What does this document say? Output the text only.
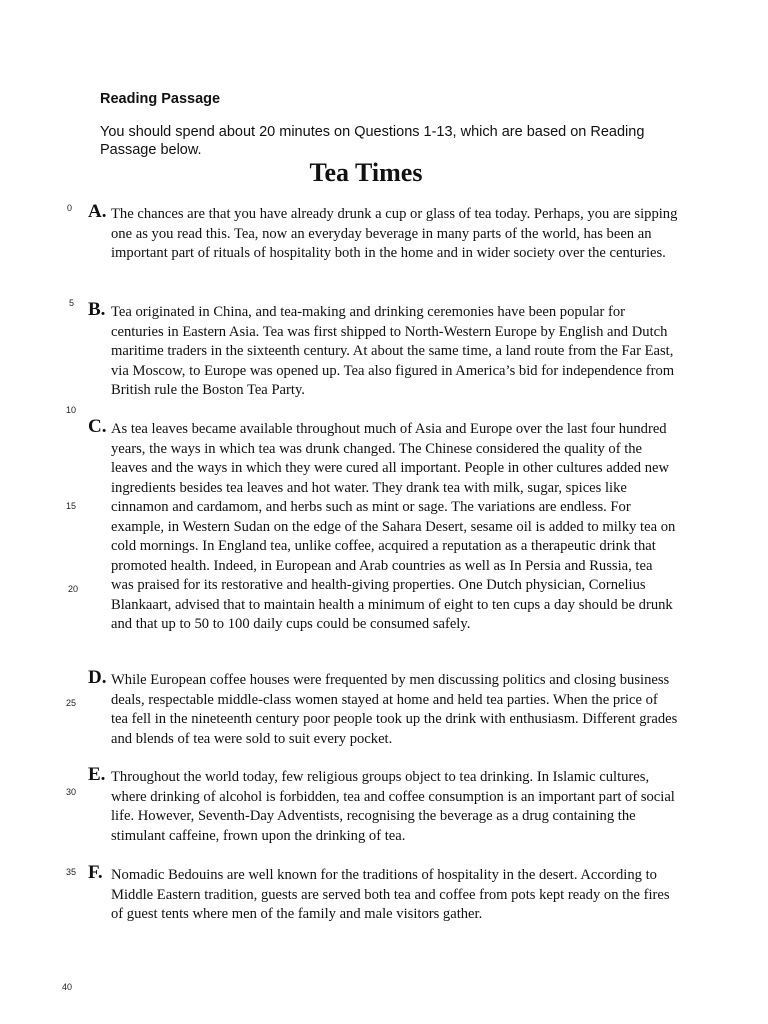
Reading Passage

You should spend about 20 minutes on Questions 1-13, which are based on Reading Passage below.

Tea Times
0
5
10
15
20
25
30
35
40
A. The chances are that you have already drunk a cup or glass of tea today. Perhaps, you are sipping one as you read this. Tea, now an everyday beverage in many parts of the world, has been an important part of rituals of hospitality both in the home and in wider society over the centuries.

B. Tea originated in China, and tea-making and drinking ceremonies have been popular for centuries in Eastern Asia. Tea was first shipped to North-Western Europe by English and Dutch maritime traders in the sixteenth century. At about the same time, a land route from the Far East, via Moscow, to Europe was opened up. Tea also figured in America’s bid for independence from British rule the Boston Tea Party.

C. As tea leaves became available throughout much of Asia and Europe over the last four hundred years, the ways in which tea was drunk changed. The Chinese considered the quality of the leaves and the ways in which they were cured all important. People in other cultures added new ingredients besides tea leaves and hot water. They drank tea with milk, sugar, spices like cinnamon and cardamom, and herbs such as mint or sage. The variations are endless. For example, in Western Sudan on the edge of the Sahara Desert, sesame oil is added to milky tea on cold mornings. In England tea, unlike coffee, acquired a reputation as a therapeutic drink that promoted health. Indeed, in European and Arab countries as well as In Persia and Russia, tea was praised for its restorative and health-giving properties. One Dutch physician, Cornelius Blankaart, advised that to maintain health a minimum of eight to ten cups a day should be drunk and that up to 50 to 100 daily cups could be consumed safely.

D. While European coffee houses were frequented by men discussing politics and closing business deals, respectable middle-class women stayed at home and held tea parties. When the price of tea fell in the nineteenth century poor people took up the drink with enthusiasm. Different grades and blends of tea were sold to suit every pocket.

E. Throughout the world today, few religious groups object to tea drinking. In Islamic cultures, where drinking of alcohol is forbidden, tea and coffee consumption is an important part of social life. However, Seventh-Day Adventists, recognising the beverage as a drug containing the stimulant caffeine, frown upon the drinking of tea.

F. Nomadic Bedouins are well known for the traditions of hospitality in the desert. According to Middle Eastern tradition, guests are served both tea and coffee from pots kept ready on the fires of guest tents where men of the family and male visitors gather.
